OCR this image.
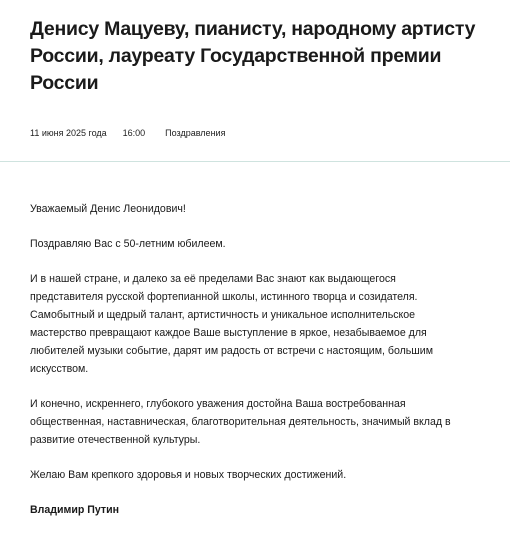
Денису Мацуеву, пианисту, народному артисту России, лауреату Государственной премии России
11 июня 2025 года 16:00 Поздравления

Уважаемый Денис Леонидович!

Поздравляю Вас с 50-летним юбилеем.

И в нашей стране, и далеко за её пределами Вас знают как выдающегося представителя русской фортепианной школы, истинного творца и созидателя. Самобытный и щедрый талант, артистичность и уникальное исполнительское мастерство превращают каждое Ваше выступление в яркое, незабываемое для любителей музыки событие, дарят им радость от встречи с настоящим, большим искусством.

И конечно, искреннего, глубокого уважения достойна Ваша востребованная общественная, наставническая, благотворительная деятельность, значимый вклад в развитие отечественной культуры.

Желаю Вам крепкого здоровья и новых творческих достижений.

Владимир Путин
